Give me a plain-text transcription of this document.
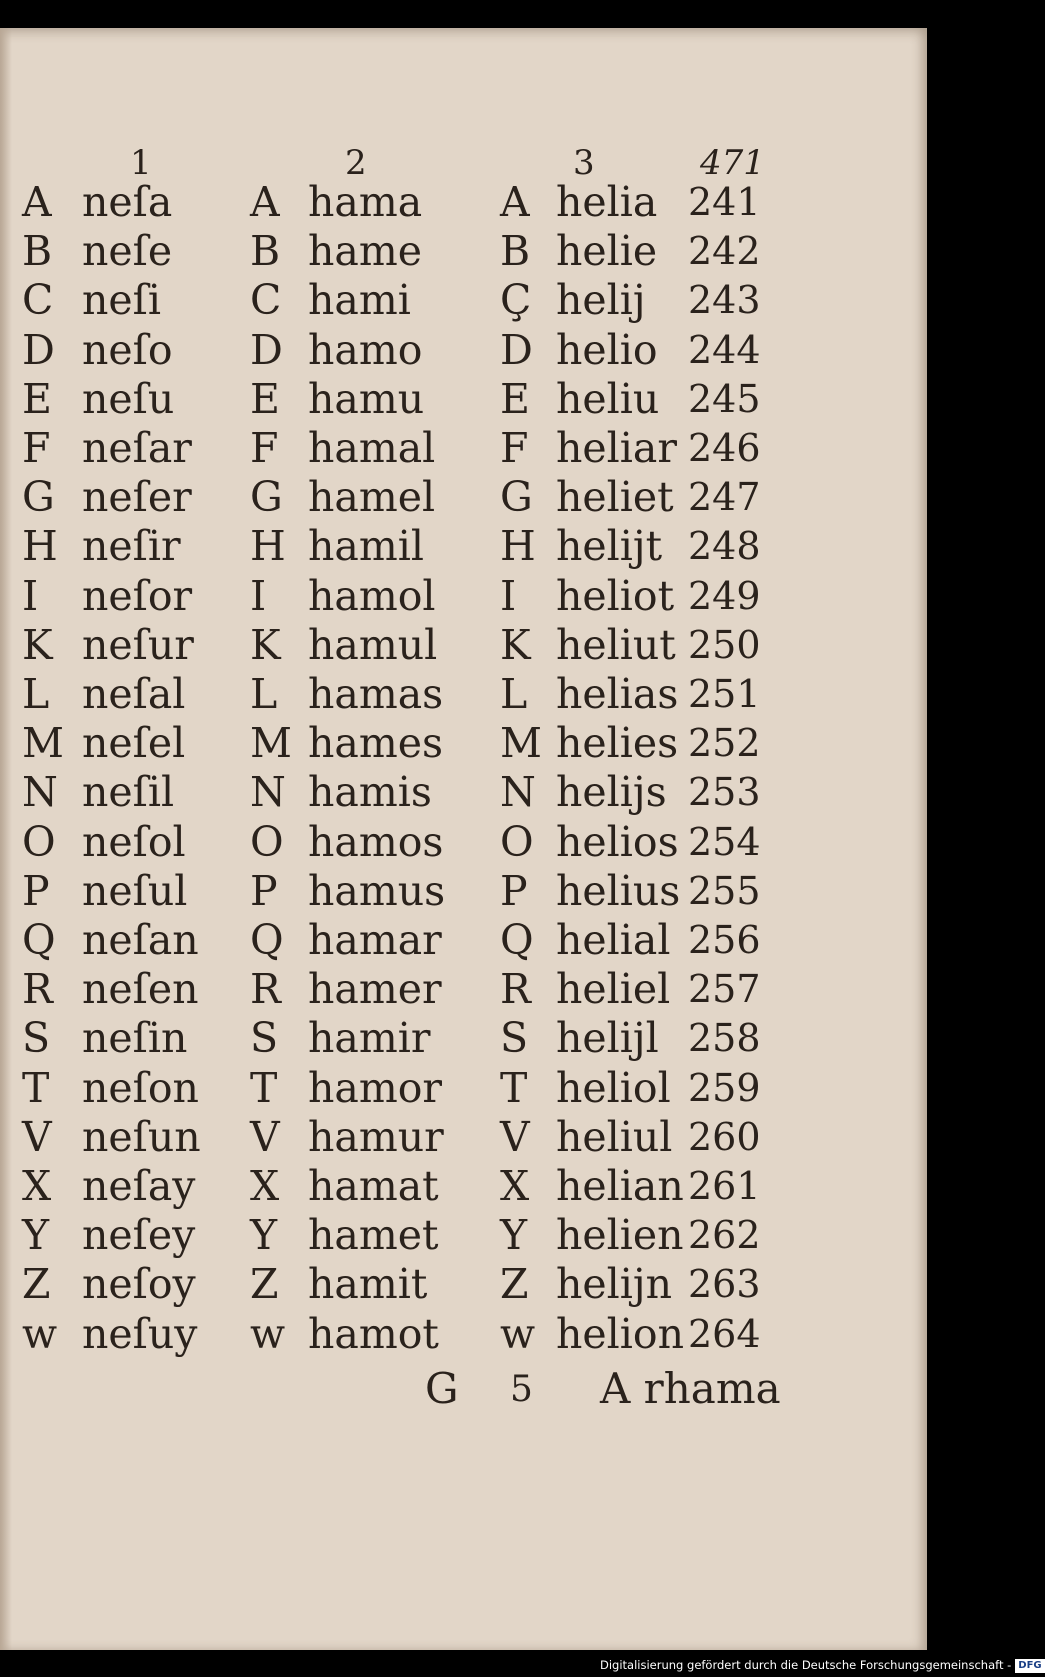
1	2	3	471
A neſa A hama A helia 241
B neſe B hame B helie 242
C neſi C hami Ç helij 243
D neſo D hamo D helio 244
E neſu E hamu E heliu 245
F neſar F hamal F heliar 246
G neſer G hamel G heliet 247
H neſir H hamil H helijt 248
I neſor I hamol I heliot 249
K neſur K hamul K heliut 250
L neſal L hamas L helias 251
M neſel M hames M helies 252
N neſil N hamis N helijs 253
O neſol O hamos O helios 254
P neſul P hamus P helius 255
Q neſan Q hamar Q helial 256
R neſen R hamer R heliel 257
S neſin S hamir S helijl 258
T neſon T hamor T heliol 259
V neſun V hamur V heliul 260
X neſay X hamat X helian 261
Y neſey Y hamet Y helien 262
Z neſoy Z hamit Z helijn 263
w neſuy w hamot w helion 264
G 5 A rhama
Digitalisierung gefördert durch die Deutsche Forschungsgemeinschaft - DFG
